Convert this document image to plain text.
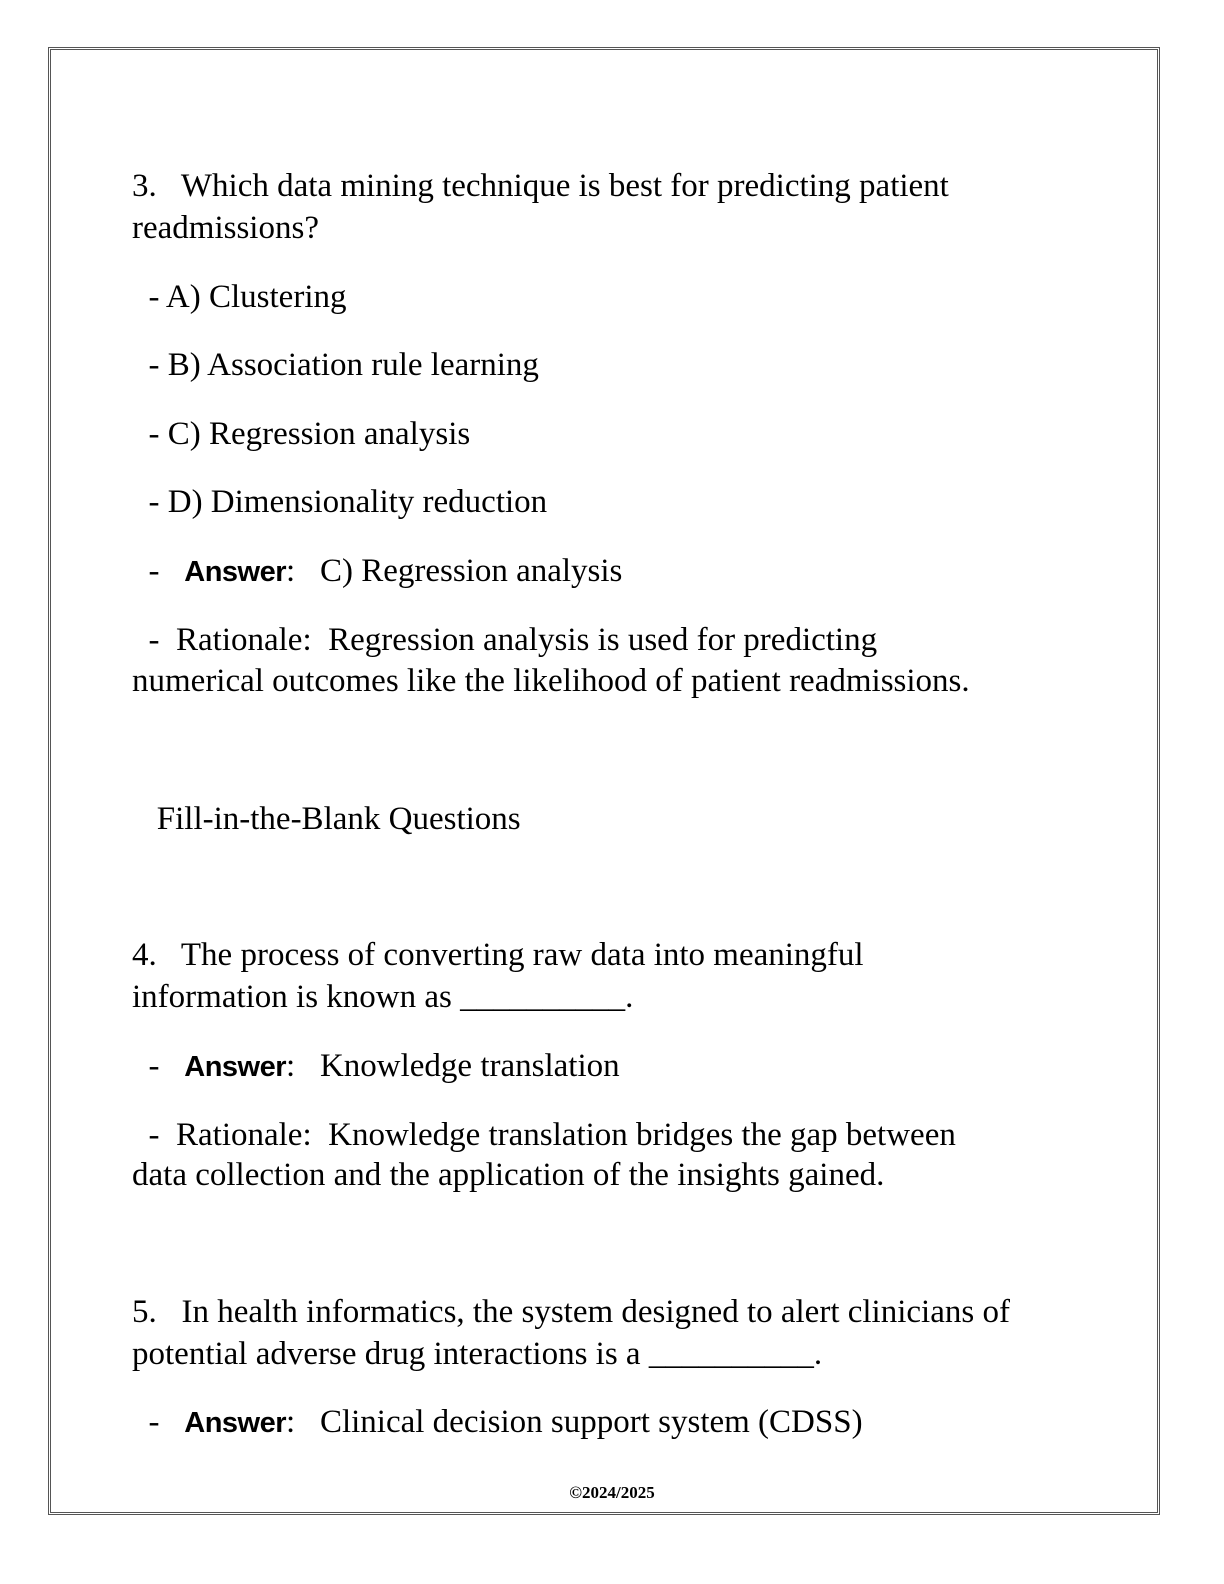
3.   Which data mining technique is best for predicting patient
readmissions?
- A) Clustering
- B) Association rule learning
- C) Regression analysis
- D) Dimensionality reduction
-   Answer:   C) Regression analysis
-  Rationale:  Regression analysis is used for predicting
numerical outcomes like the likelihood of patient readmissions.
Fill-in-the-Blank Questions
4.   The process of converting raw data into meaningful
information is known as __________.
-   Answer:   Knowledge translation
-  Rationale:  Knowledge translation bridges the gap between
data collection and the application of the insights gained.
5.   In health informatics, the system designed to alert clinicians of
potential adverse drug interactions is a __________.
-   Answer:   Clinical decision support system (CDSS)
©2024/2025
